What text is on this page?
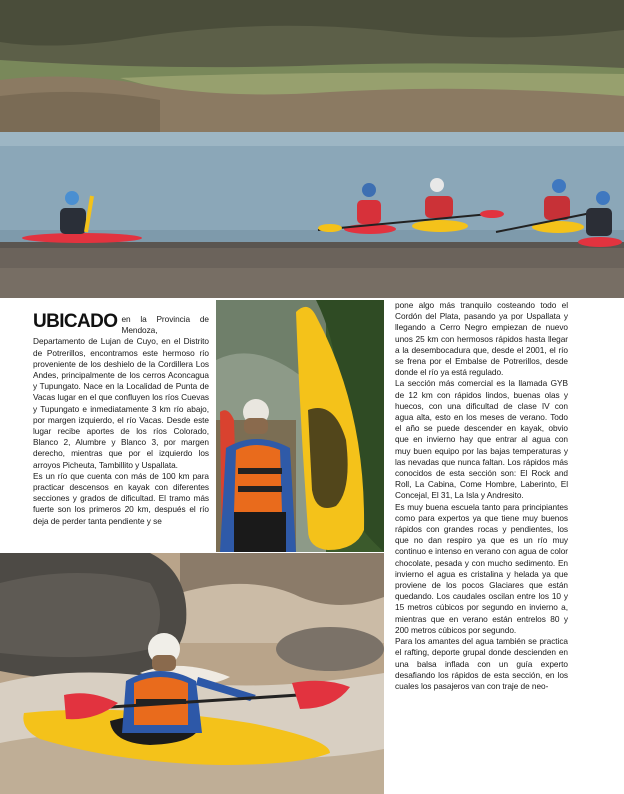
UBICADO en la Provincia de Mendoza, Departamento de Lujan de Cuyo, en el Distrito de Potrerillos, encontramos este hermoso río proveniente de los deshielo de la Cordillera Los Andes, principalmente de los cerros Aconcagua y Tupungato. Nace en la Localidad de Punta de Vacas lugar en el que confluyen los ríos Cuevas y Tupungato e inmediatamente 3 km río abajo, por margen izquierdo, el río Vacas. Desde este lugar recibe aportes de los ríos Colorado, Blanco 2, Alumbre y Blanco 3, por margen derecho, mientras que por el izquierdo los arroyos Picheuta, Tambillito y Uspallata.

Es un río que cuenta con más de 100 km para practicar descensos en kayak con diferentes secciones y grados de dificultad. El tramo más fuerte son los primeros 20 km, después el río deja de perder tanta pendiente y se

pone algo más tranquilo costeando todo el Cordón del Plata, pasando ya por Uspallata y llegando a Cerro Negro empiezan de nuevo unos 25 km con hermosos rápidos hasta llegar a la desembocadura que, desde el 2001, el río se frena por el Embalse de Potrerillos, desde donde el río ya está regulado.

La sección más comercial es la llamada GYB de 12 km con rápidos lindos, buenas olas y huecos, con una dificultad de clase IV con agua alta, esto en los meses de verano. Todo el año se puede descender en kayak, obvio que en invierno hay que entrar al agua con muy buen equipo por las bajas temperaturas y las nevadas que nunca faltan. Los rápidos más conocidos de esta sección son: El Rock and Roll, La Cabina, Come Hombre, Laberinto, El Concejal, El 31, La Isla y Andresito.

Es muy buena escuela tanto para principiantes como para expertos ya que tiene muy buenos rápidos con grandes rocas y pendientes, los que no dan respiro ya que es un río muy continuo e intenso en verano con agua de color chocolate, pesada y con mucho sedimento. En invierno el agua es cristalina y helada ya que proviene de los pocos Glaciares que están quedando. Los caudales oscilan entre los 10 y 15 metros cúbicos por segundo en invierno a, mientras que en verano están entrelos 80 y 200 metros cúbicos por segundo.

Para los amantes del agua también se practica el rafting, deporte grupal donde descienden en una balsa inflada con un guía experto desafiando los rápidos de esta sección, en los cuales los pasajeros van con traje de neo-
